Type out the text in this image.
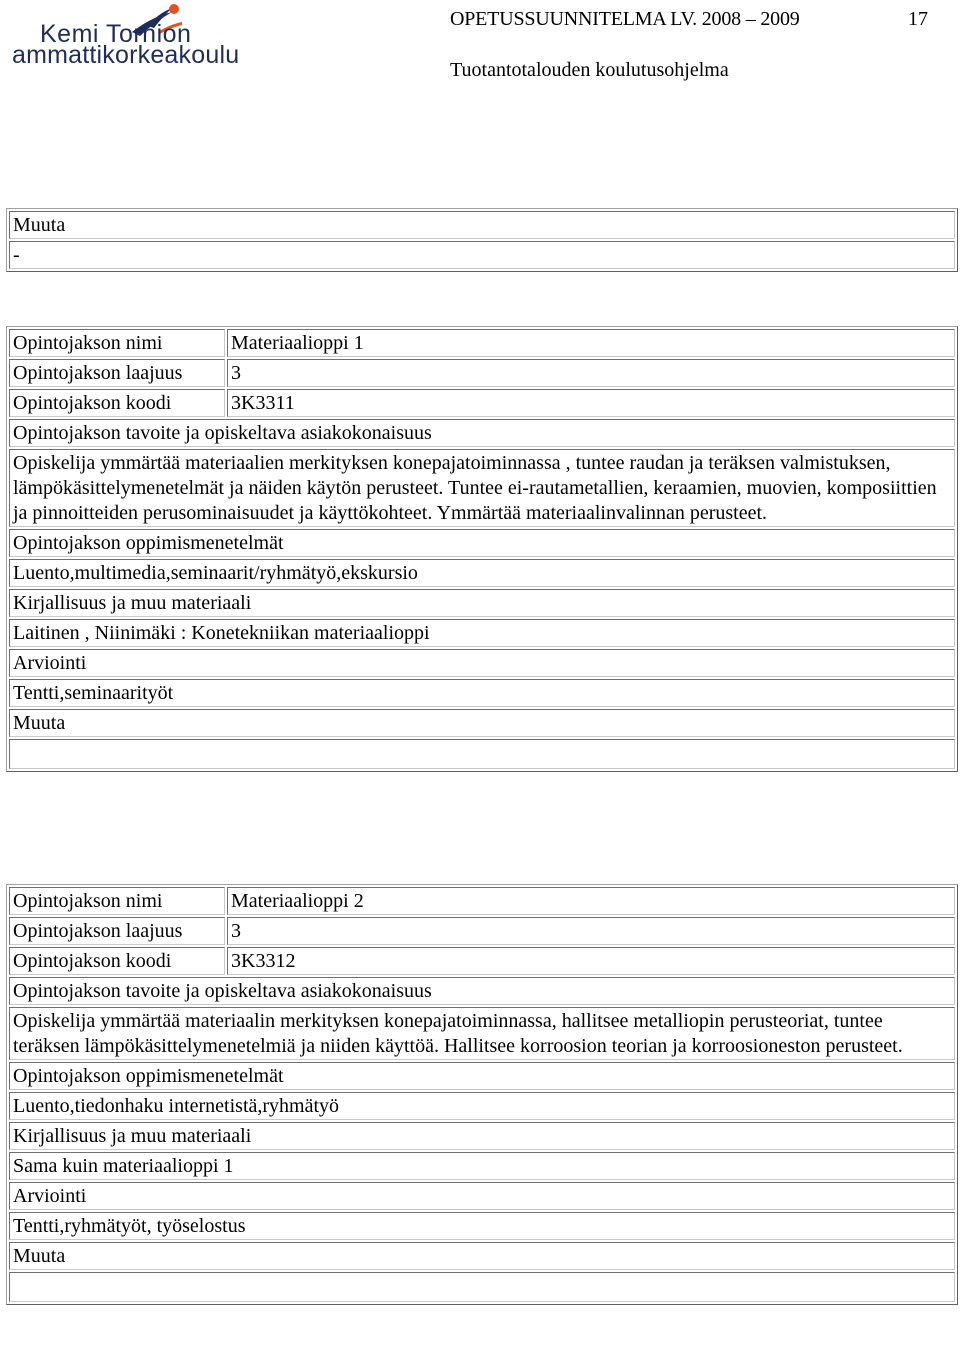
Kemi Tornion
ammattikorkeakoulu
OPETUSSUUNNITELMA LV. 2008 – 2009	17
Tuotantotalouden koulutusohjelma
Muuta
-
Opintojakson nimi	Materiaalioppi 1
Opintojakson laajuus	3
Opintojakson koodi	3K3311
Opintojakson tavoite ja opiskeltava asiakokonaisuus	
Opiskelija ymmärtää materiaalien merkityksen konepajatoiminnassa , tuntee raudan ja teräksen valmistuksen, lämpökäsittelymenetelmät ja näiden käytön perusteet. Tuntee ei-rautametallien, keraamien, muovien, komposiittien ja pinnoitteiden perusominaisuudet ja käyttökohteet. Ymmärtää materiaalinvalinnan perusteet.	
Opintojakson oppimismenetelmät	
Luento,multimedia,seminaarit/ryhmätyö,ekskursio	
Kirjallisuus ja muu materiaali	
Laitinen , Niinimäki : Konetekniikan materiaalioppi	
Arviointi	
Tentti,seminaarityöt	
Muuta	

Opintojakson nimi	Materiaalioppi 2
Opintojakson laajuus	3
Opintojakson koodi	3K3312
Opintojakson tavoite ja opiskeltava asiakokonaisuus	
Opiskelija ymmärtää materiaalin merkityksen konepajatoiminnassa, hallitsee metalliopin perusteoriat, tuntee teräksen lämpökäsittelymenetelmiä ja niiden käyttöä. Hallitsee korroosion teorian ja korroosioneston perusteet.	
Opintojakson oppimismenetelmät	
Luento,tiedonhaku internetistä,ryhmätyö	
Kirjallisuus ja muu materiaali	
Sama kuin materiaalioppi 1	
Arviointi	
Tentti,ryhmätyöt, työselostus	
Muuta	
